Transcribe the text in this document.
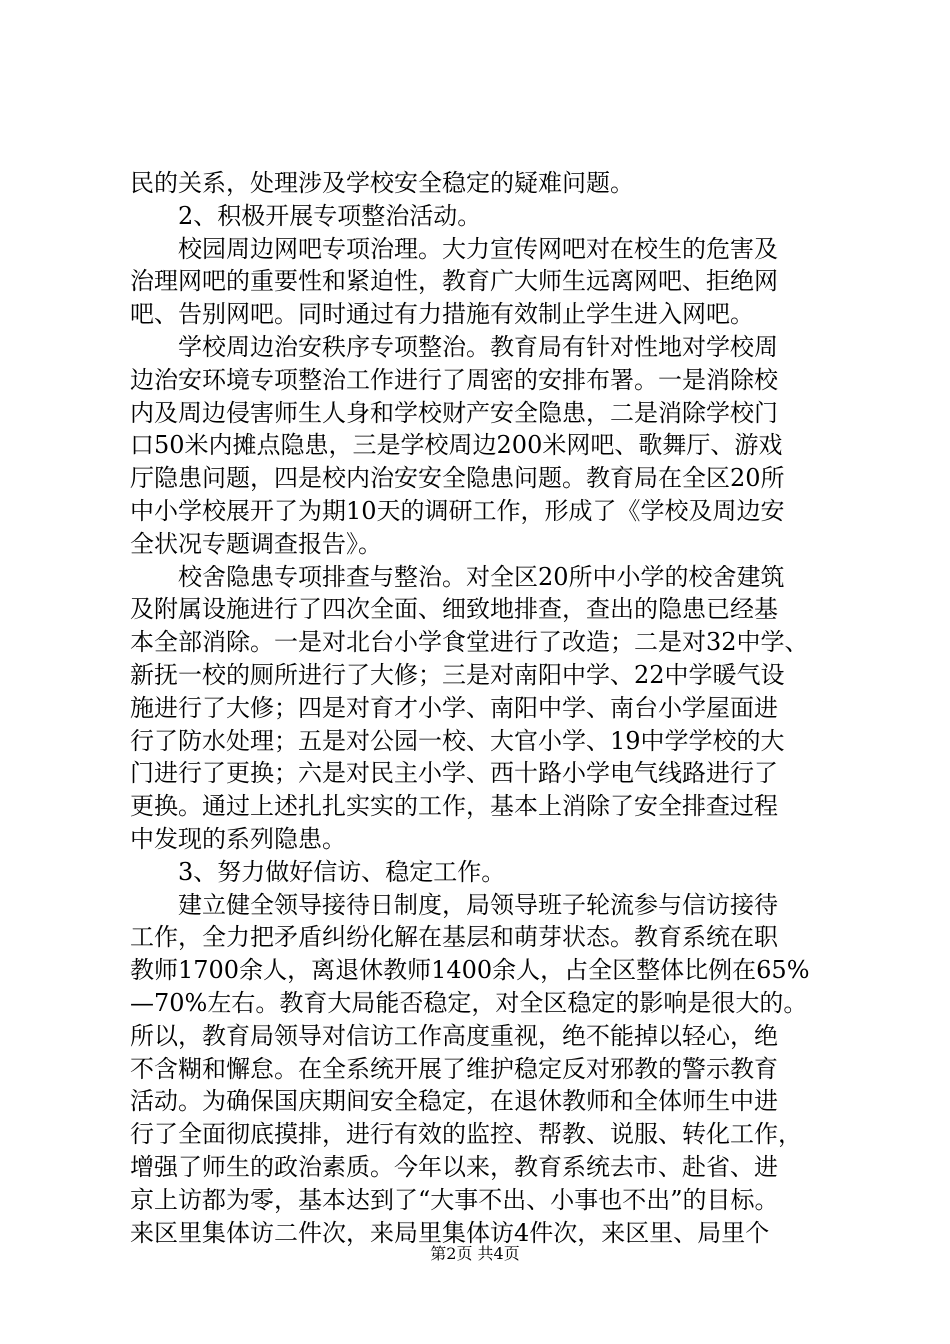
民的关系，处理涉及学校安全稳定的疑难问题。
　　2、积极开展专项整治活动。
　　校园周边网吧专项治理。大力宣传网吧对在校生的危害及
治理网吧的重要性和紧迫性，教育广大师生远离网吧、拒绝网
吧、告别网吧。同时通过有力措施有效制止学生进入网吧。
　　学校周边治安秩序专项整治。教育局有针对性地对学校周
边治安环境专项整治工作进行了周密的安排布署。一是消除校
内及周边侵害师生人身和学校财产安全隐患，二是消除学校门
口50米内摊点隐患，三是学校周边200米网吧、歌舞厅、游戏
厅隐患问题，四是校内治安安全隐患问题。教育局在全区20所
中小学校展开了为期10天的调研工作，形成了《学校及周边安
全状况专题调查报告》。
　　校舍隐患专项排查与整治。对全区20所中小学的校舍建筑
及附属设施进行了四次全面、细致地排查，查出的隐患已经基
本全部消除。一是对北台小学食堂进行了改造；二是对32中学、
新抚一校的厕所进行了大修；三是对南阳中学、22中学暖气设
施进行了大修；四是对育才小学、南阳中学、南台小学屋面进
行了防水处理；五是对公园一校、大官小学、19中学学校的大
门进行了更换；六是对民主小学、西十路小学电气线路进行了
更换。通过上述扎扎实实的工作，基本上消除了安全排查过程
中发现的系列隐患。
　　3、努力做好信访、稳定工作。
　　建立健全领导接待日制度，局领导班子轮流参与信访接待
工作，全力把矛盾纠纷化解在基层和萌芽状态。教育系统在职
教师1700余人，离退休教师1400余人，占全区整体比例在65%
—70%左右。教育大局能否稳定，对全区稳定的影响是很大的。
所以，教育局领导对信访工作高度重视，绝不能掉以轻心，绝
不含糊和懈怠。在全系统开展了维护稳定反对邪教的警示教育
活动。为确保国庆期间安全稳定，在退休教师和全体师生中进
行了全面彻底摸排，进行有效的监控、帮教、说服、转化工作，
增强了师生的政治素质。今年以来，教育系统去市、赴省、进
京上访都为零，基本达到了“大事不出、小事也不出”的目标。
来区里集体访二件次，来局里集体访4件次，来区里、局里个
第2页 共4页
